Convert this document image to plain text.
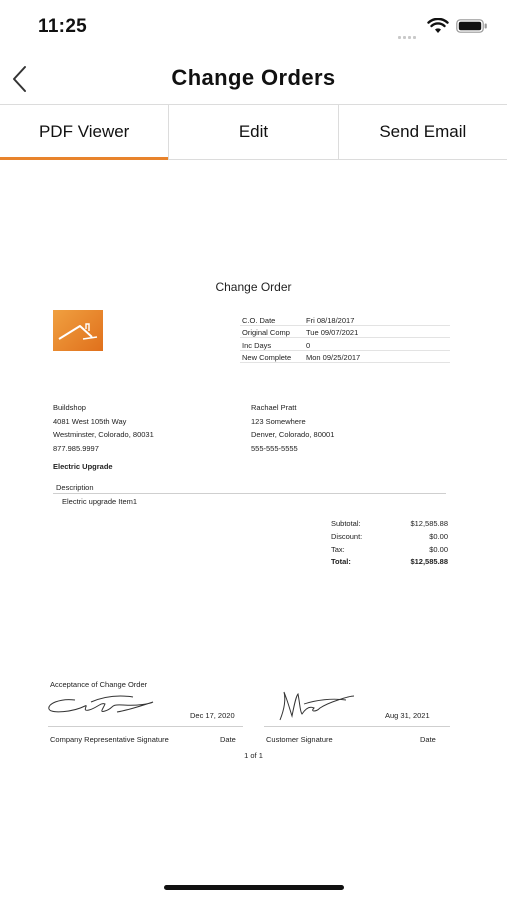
11:25
Change Orders
PDF Viewer	Edit	Send Email
Change Order
C.O. Date	Fri 08/18/2017
Original Comp	Tue 09/07/2021
Inc Days	0
New Complete	Mon 09/25/2017
Buildshop
4081 West 105th Way
Westminster, Colorado, 80031
877.985.9997
Rachael Pratt
123 Somewhere
Denver, Colorado, 80001
555-555-5555
Electric Upgrade
Description
Electric upgrade Item1
Subtotal:	$12,585.88
Discount:	$0.00
Tax:	$0.00
Total:	$12,585.88
Acceptance of Change Order
Dec 17, 2020	Aug 31, 2021
Company Representative Signature	Date	Customer Signature	Date
1 of 1
